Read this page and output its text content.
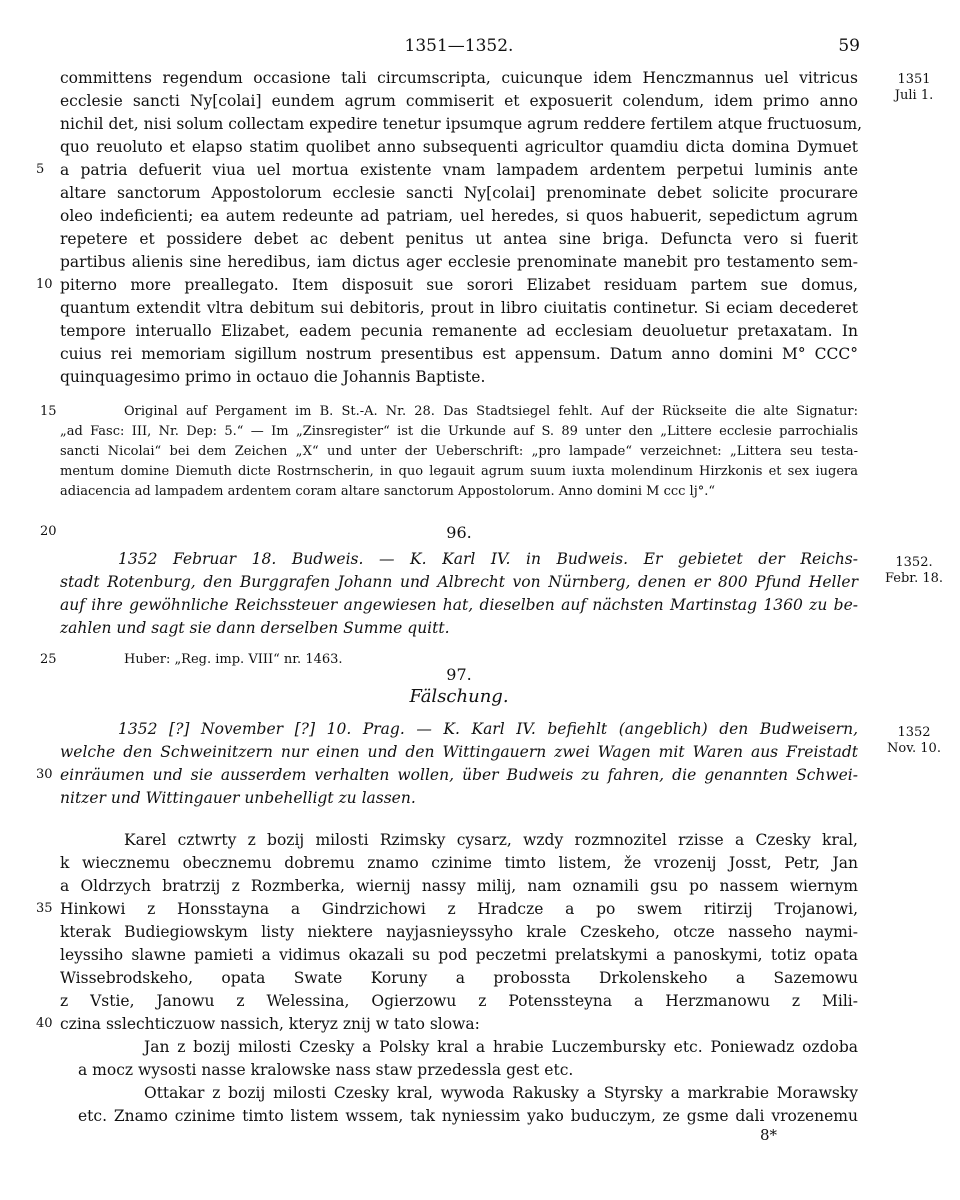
1351—1352.	59
committens regendum occasione tali circumscripta, cuicunque idem Henczmannus uel vitricus
ecclesie sancti Ny[colai] eundem agrum commiserit et exposuerit colendum, idem primo anno
nichil det, nisi solum collectam expedire tenetur ipsumque agrum reddere fertilem atque fructuosum,
quo reuoluto et elapso statim quolibet anno subsequenti agricultor quamdiu dicta domina Dymuet
a patria defuerit viua uel mortua existente vnam lampadem ardentem perpetui luminis ante
altare sanctorum Appostolorum ecclesie sancti Ny[colai] prenominate debet solicite procurare
oleo indeficienti; ea autem redeunte ad patriam, uel heredes, si quos habuerit, sepedictum agrum
repetere et possidere debet ac debent penitus ut antea sine briga. Defuncta vero si fuerit
partibus alienis sine heredibus, iam dictus ager ecclesie prenominate manebit pro testamento sem-
piterno more preallegato. Item disposuit sue sorori Elizabet residuam partem sue domus,
quantum extendit vltra debitum sui debitoris, prout in libro ciuitatis continetur. Si eciam decederet
tempore interuallo Elizabet, eadem pecunia remanente ad ecclesiam deuoluetur pretaxatam. In
cuius rei memoriam sigillum nostrum presentibus est appensum. Datum anno domini M° CCC°
quinquagesimo primo in octauo die Johannis Baptiste.
1351
Juli 1.
Original auf Pergament im B. St.-A. Nr. 28. Das Stadtsiegel fehlt. Auf der Rückseite die alte Signatur:
„ad Fasc: III, Nr. Dep: 5.“ — Im „Zinsregister“ ist die Urkunde auf S. 89 unter den „Littere ecclesie parrochialis
sancti Nicolai“ bei dem Zeichen „X“ und unter der Ueberschrift: „pro lampade“ verzeichnet: „Littera seu testa-
mentum domine Diemuth dicte Rostrnscherin, in quo legauit agrum suum iuxta molendinum Hirzkonis et sex iugera
adiacencia ad lampadem ardentem coram altare sanctorum Appostolorum. Anno domini M ccc lj°.“
96.
1352 Februar 18. Budweis. — K. Karl IV. in Budweis. Er gebietet der Reichs-
stadt Rotenburg, den Burggrafen Johann und Albrecht von Nürnberg, denen er 800 Pfund Heller
auf ihre gewöhnliche Reichssteuer angewiesen hat, dieselben auf nächsten Martinstag 1360 zu be-
zahlen und sagt sie dann derselben Summe quitt.
1352.
Febr. 18.
Huber: „Reg. imp. VIII“ nr. 1463.
97.
Fälschung.
1352 [?] November [?] 10. Prag. — K. Karl IV. befiehlt (angeblich) den Budweisern,
welche den Schweinitzern nur einen und den Wittingauern zwei Wagen mit Waren aus Freistadt
einräumen und sie ausserdem verhalten wollen, über Budweis zu fahren, die genannten Schwei-
nitzer und Wittingauer unbehelligt zu lassen.
1352
Nov. 10.
Karel cztwrty z bozij milosti Rzimsky cysarz, wzdy rozmnozitel rzisse a Czesky kral,
k wiecznemu obecznemu dobremu znamo czinime timto listem, že vrozenij Josst, Petr, Jan
a Oldrzych bratrzij z Rozmberka, wiernij nassy milij, nam oznamili gsu po nassem wiernym
Hinkowi z Honsstayna a Gindrzichowi z Hradcze a po swem ritirzij Trojanowi,
kterak Budiegiowskym listy niektere nayjasnieyssyho krale Czeskeho, otcze nasseho naymi-
leyssiho slawne pamieti a vidimus okazali su pod peczetmi prelatskymi a panoskymi, totiz opata
Wissebrodskeho, opata Swate Koruny a probossta Drkolenskeho a Sazemowu
z Vstie, Janowu z Welessina, Ogierzowu z Potenssteyna a Herzmanowu z Mili-
czina sslechticzuow nassich, kteryz znij w tato slowa:
Jan z bozij milosti Czesky a Polsky kral a hrabie Luczembursky etc. Poniewadz ozdoba
a mocz wysosti nasse kralowske nass staw przedessla gest etc.
Ottakar z bozij milosti Czesky kral, wywoda Rakusky a Styrsky a markrabie Morawsky
etc. Znamo czinime timto listem wssem, tak nyniessim yako buduczym, ze gsme dali vrozenemu
5
10
15
20
25
30
35
40
8*
